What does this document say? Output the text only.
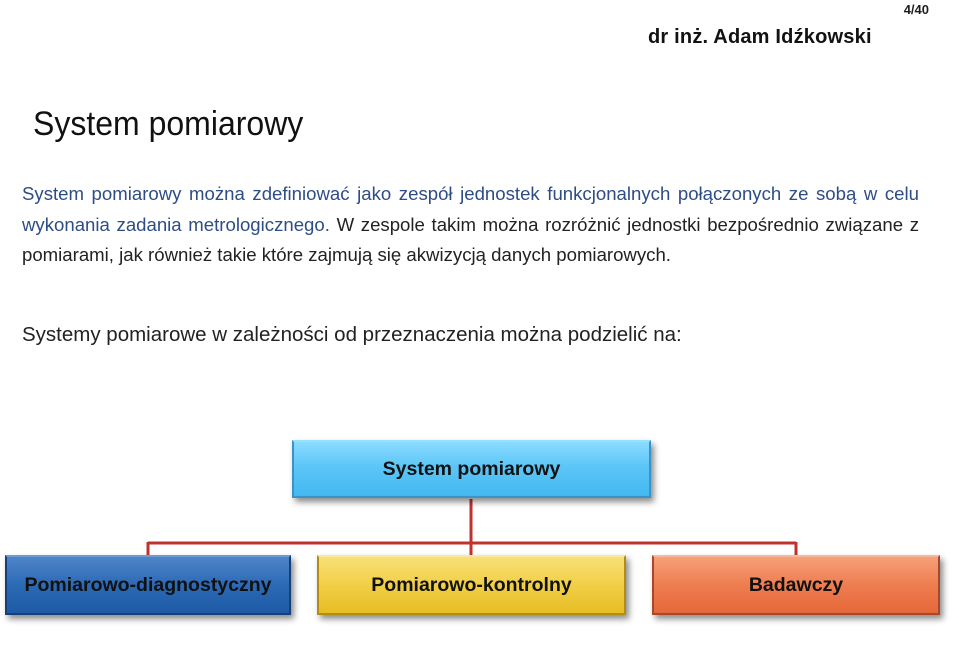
4/40
dr inż. Adam Idźkowski
System pomiarowy

System pomiarowy można zdefiniować jako zespół jednostek funkcjonalnych połączonych ze sobą w celu wykonania zadania metrologicznego. W zespole takim można rozróżnić jednostki bezpośrednio związane z pomiarami, jak również takie które zajmują się akwizycją danych pomiarowych.

Systemy pomiarowe w zależności od przeznaczenia można podzielić na:

System pomiarowy
Pomiarowo-diagnostyczny	Pomiarowo-kontrolny	Badawczy
